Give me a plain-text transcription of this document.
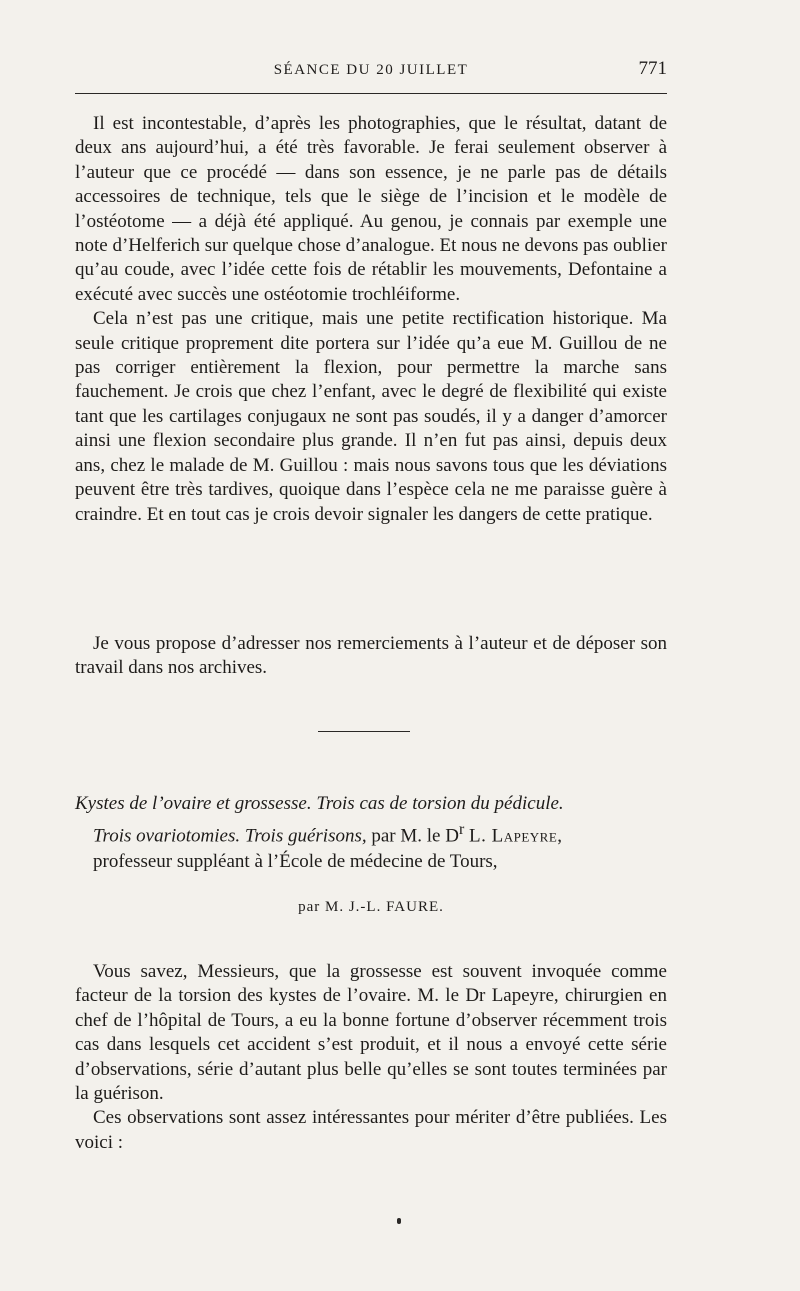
SÉANCE DU 20 JUILLET	771

Il est incontestable, d’après les photographies, que le résultat, datant de deux ans aujourd’hui, a été très favorable. Je ferai seulement observer à l’auteur que ce procédé — dans son essence, je ne parle pas de détails accessoires de technique, tels que le siège de l’incision et le modèle de l’ostéotome — a déjà été appliqué. Au genou, je connais par exemple une note d’Helferich sur quelque chose d’analogue. Et nous ne devons pas oublier qu’au coude, avec l’idée cette fois de rétablir les mouvements, Defontaine a exécuté avec succès une ostéotomie trochléiforme.

Cela n’est pas une critique, mais une petite rectification historique. Ma seule critique proprement dite portera sur l’idée qu’a eue M. Guillou de ne pas corriger entièrement la flexion, pour permettre la marche sans fauchement. Je crois que chez l’enfant, avec le degré de flexibilité qui existe tant que les cartilages conjugaux ne sont pas soudés, il y a danger d’amorcer ainsi une flexion secondaire plus grande. Il n’en fut pas ainsi, depuis deux ans, chez le malade de M. Guillou : mais nous savons tous que les déviations peuvent être très tardives, quoique dans l’espèce cela ne me paraisse guère à craindre. Et en tout cas je crois devoir signaler les dangers de cette pratique.

Je vous propose d’adresser nos remerciements à l’auteur et de déposer son travail dans nos archives.

Kystes de l’ovaire et grossesse. Trois cas de torsion du pédicule.
Trois ovariotomies. Trois guérisons, par M. le $D^r$ L. Lapeyre,
professeur suppléant à l’École de médecine de Tours,
par M. J.-L. FAURE.

Vous savez, Messieurs, que la grossesse est souvent invoquée comme facteur de la torsion des kystes de l’ovaire. M. le Dr Lapeyre, chirurgien en chef de l’hôpital de Tours, a eu la bonne fortune d’observer récemment trois cas dans lesquels cet accident s’est produit, et il nous a envoyé cette série d’observations, série d’autant plus belle qu’elles se sont toutes terminées par la guérison.

Ces observations sont assez intéressantes pour mériter d’être publiées. Les voici :
